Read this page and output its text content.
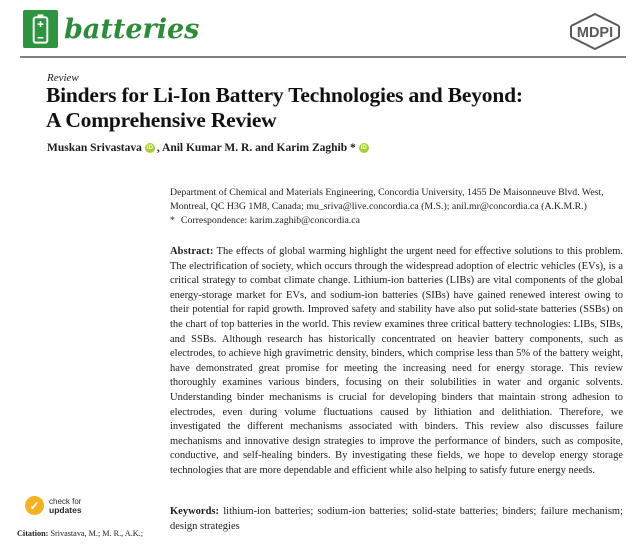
batteries	MDPI
Review
Binders for Li-Ion Battery Technologies and Beyond:
A Comprehensive Review
Muskan Srivastava iD , Anil Kumar M. R. and Karim Zaghib * iD

Department of Chemical and Materials Engineering, Concordia University, 1455 De Maisonneuve Blvd. West, Montreal, QC H3G 1M8, Canada; mu_sriva@live.concordia.ca (M.S.); anil.mr@concordia.ca (A.K.M.R.)

* Correspondence: karim.zaghib@concordia.ca
Abstract: The effects of global warming highlight the urgent need for effective solutions to this problem. The electrification of society, which occurs through the widespread adoption of electric vehicles (EVs), is a critical strategy to combat climate change. Lithium-ion batteries (LIBs) are vital components of the global energy-storage market for EVs, and sodium-ion batteries (SIBs) have gained renewed interest owing to their potential for rapid growth. Improved safety and stability have also put solid-state batteries (SSBs) on the chart of top batteries in the world. This review examines three critical battery technologies: LIBs, SIBs, and SSBs. Although research has historically concentrated on heavier battery components, such as electrodes, to achieve high gravimetric density, binders, which comprise less than 5% of the battery weight, have demonstrated great promise for meeting the increasing need for energy storage. This review thoroughly examines various binders, focusing on their solubilities in water and organic solvents. Understanding binder mechanisms is crucial for developing binders that maintain strong adhesion to electrodes, even during volume fluctuations caused by lithiation and delithiation. Therefore, we investigated the different mechanisms associated with binders. This review also discusses failure mechanisms and innovative design strategies to improve the performance of binders, such as composite, conductive, and self-healing binders. By investigating these fields, we hope to develop energy storage technologies that are more dependable and efficient while also helping to satisfy future energy needs.
Keywords: lithium-ion batteries; sodium-ion batteries; solid-state batteries; binders; failure mechanism; design strategies
✓	check for
updates
Citation: Srivastava, M.; M. R., A.K.;
